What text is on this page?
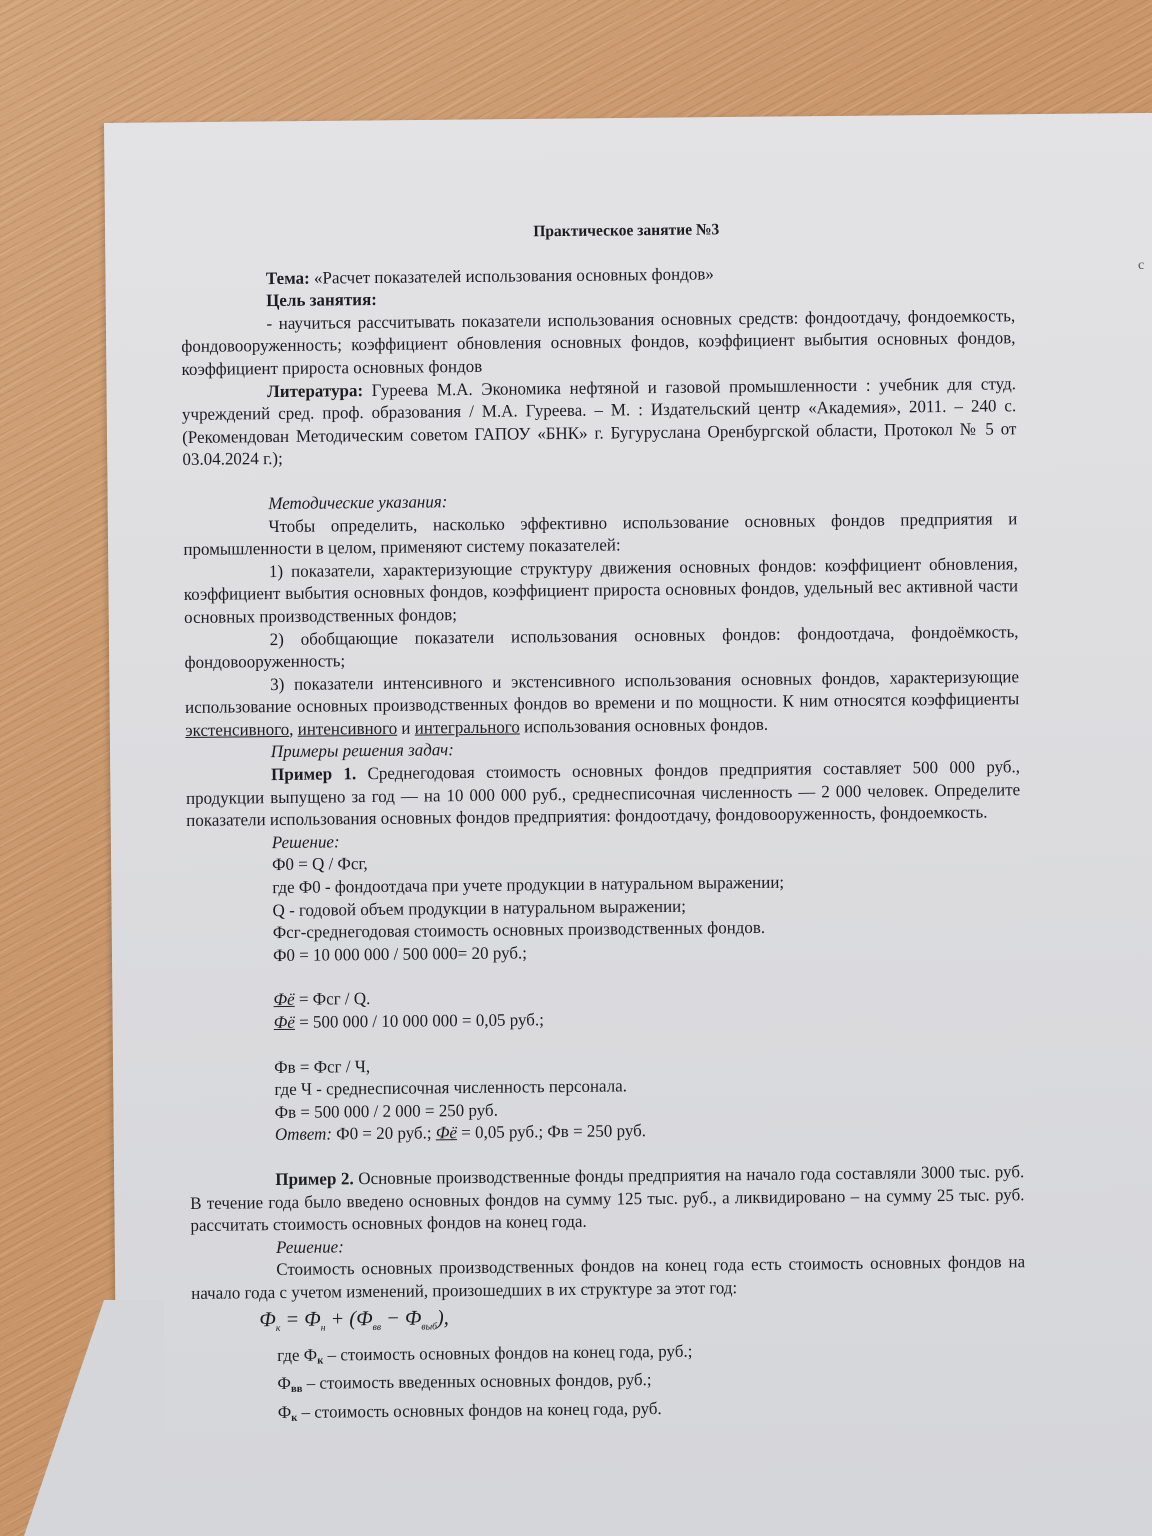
с

Практическое занятие №3

Тема: «Расчет показателей использования основных фондов»

Цель занятия:

- научиться рассчитывать показатели использования основных средств: фондоотдачу, фондоемкость, фондовооруженность; коэффициент обновления основных фондов, коэффициент выбытия основных фондов, коэффициент прироста основных фондов

Литература: Гуреева М.А. Экономика нефтяной и газовой промышленности : учебник для студ. учреждений сред. проф. образования / М.А. Гуреева. – М. : Издательский центр «Академия», 2011. – 240 с. (Рекомендован Методическим советом ГАПОУ «БНК» г. Бугуруслана Оренбургской области, Протокол № 5 от 03.04.2024 г.);

Методические указания:

Чтобы определить, насколько эффективно использование основных фондов предприятия и промышленности в целом, применяют систему показателей:

1) показатели, характеризующие структуру движения основных фондов: коэффициент обновления, коэффициент выбытия основных фондов, коэффициент прироста основных фондов, удельный вес активной части основных производственных фондов;

2) обобщающие показатели использования основных фондов: фондоотдача, фондоёмкость, фондовооруженность;

3) показатели интенсивного и экстенсивного использования основных фондов, характеризующие использование основных производственных фондов во времени и по мощности. К ним относятся коэффициенты экстенсивного, интенсивного и интегрального использования основных фондов.

Примеры решения задач:

Пример 1. Среднегодовая стоимость основных фондов предприятия составляет 500 000 руб., продукции выпущено за год — на 10 000 000 руб., среднесписочная численность — 2 000 человек. Определите показатели использования основных фондов предприятия: фондоотдачу, фондовооруженность, фондоемкость.

Решение:

Ф0 = Q / Фсг,

где Ф0 - фондоотдача при учете продукции в натуральном выражении;

Q - годовой объем продукции в натуральном выражении;

Фсг-среднегодовая стоимость основных производственных фондов.

Ф0 = 10 000 000 / 500 000= 20 руб.;

Фё = Фсг / Q.

Фё = 500 000 / 10 000 000 = 0,05 руб.;

Фв = Фсг / Ч,

где Ч - среднесписочная численность персонала.

Фв = 500 000 / 2 000 = 250 руб.

Ответ: Ф0 = 20 руб.; Фё = 0,05 руб.; Фв = 250 руб.

Пример 2. Основные производственные фонды предприятия на начало года составляли 3000 тыс. руб. В течение года было введено основных фондов на сумму 125 тыс. руб., а ликвидировано – на сумму 25 тыс. руб. рассчитать стоимость основных фондов на конец года.

Решение:

Стоимость основных производственных фондов на конец года есть стоимость основных фондов на начало года с учетом изменений, произошедших в их структуре за этот год:

$Ф_к = Ф_н + (Ф_{вв} - Ф_{выб})$,

где $Ф_к$ – стоимость основных фондов на конец года, руб.;

$Ф_{вв}$ – стоимость введенных основных фондов, руб.;

$Ф_к$ – стоимость основных фондов на конец года, руб.
